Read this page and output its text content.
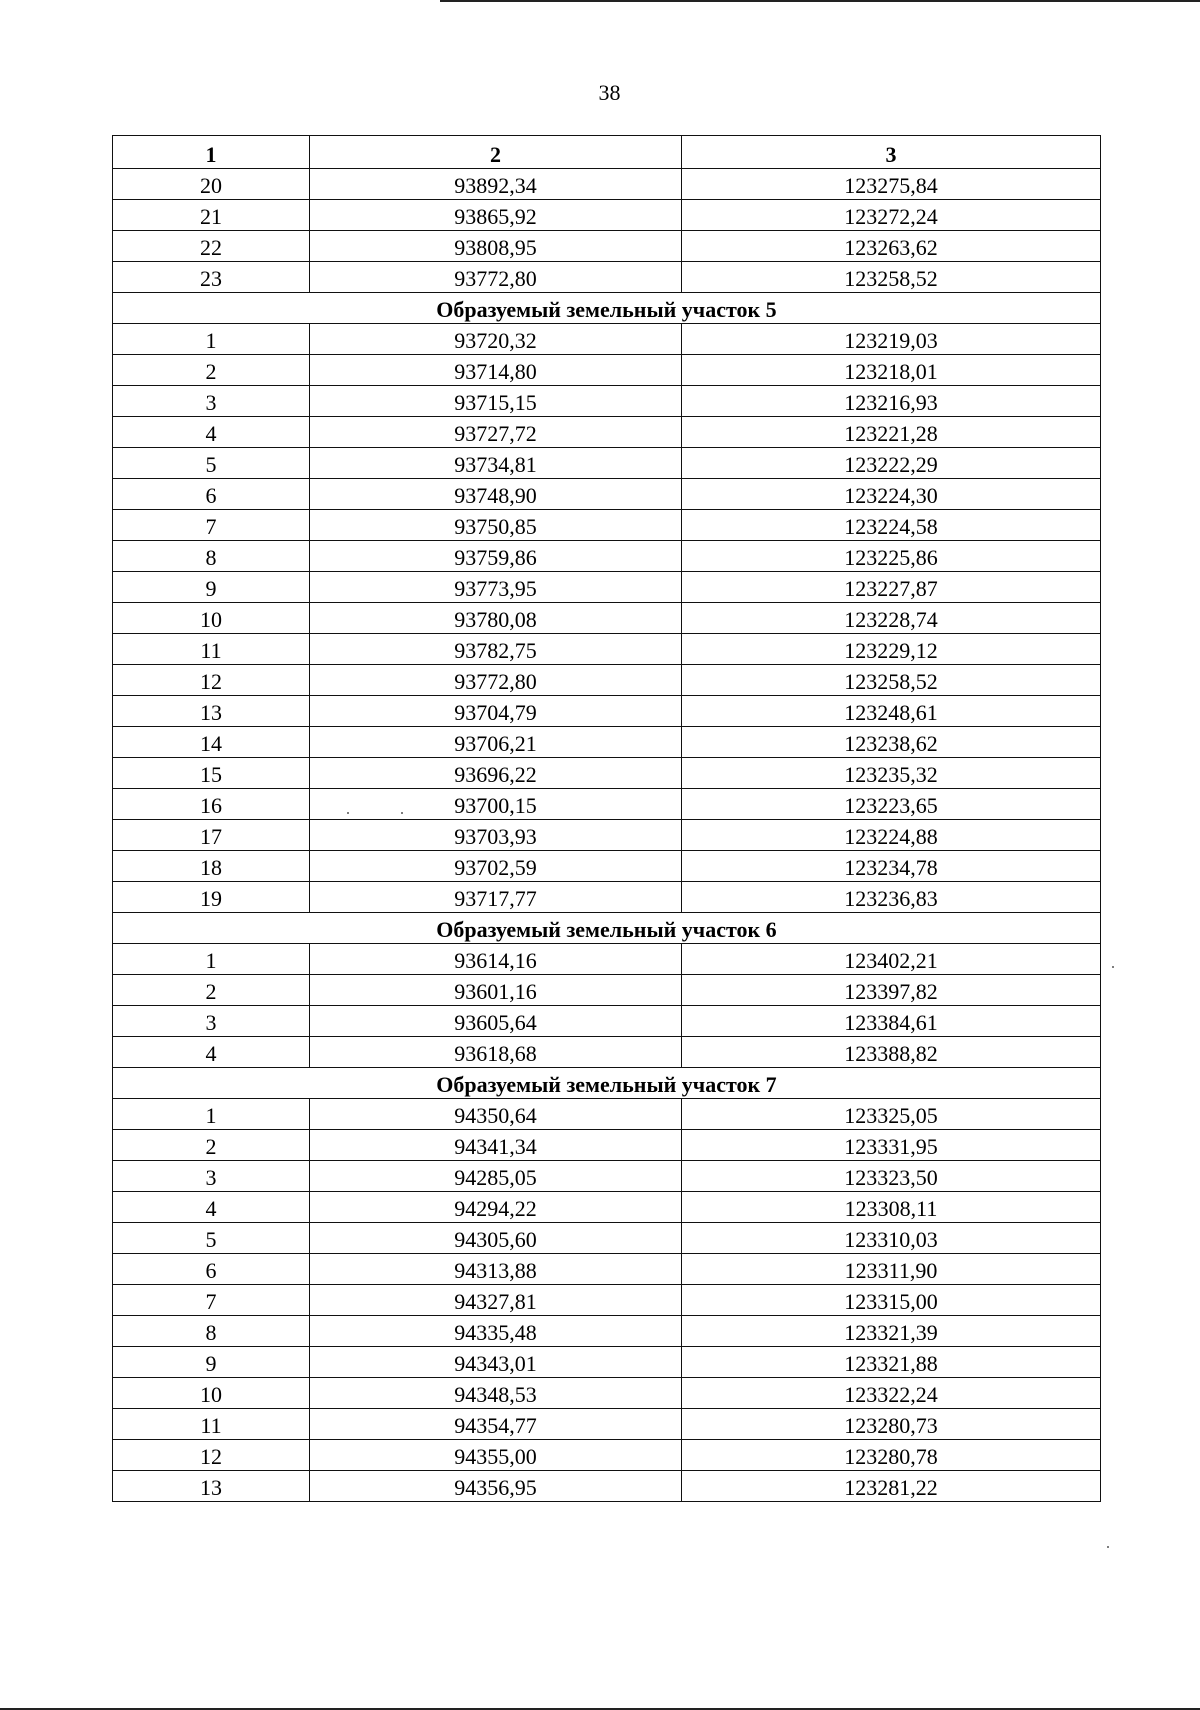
38
1	2	3
20	93892,34	123275,84
21	93865,92	123272,24
22	93808,95	123263,62
23	93772,80	123258,52
Образуемый земельный участок 5		
1	93720,32	123219,03
2	93714,80	123218,01
3	93715,15	123216,93
4	93727,72	123221,28
5	93734,81	123222,29
6	93748,90	123224,30
7	93750,85	123224,58
8	93759,86	123225,86
9	93773,95	123227,87
10	93780,08	123228,74
11	93782,75	123229,12
12	93772,80	123258,52
13	93704,79	123248,61
14	93706,21	123238,62
15	93696,22	123235,32
16	93700,15	123223,65
17	93703,93	123224,88
18	93702,59	123234,78
19	93717,77	123236,83
Образуемый земельный участок 6		
1	93614,16	123402,21
2	93601,16	123397,82
3	93605,64	123384,61
4	93618,68	123388,82
Образуемый земельный участок 7		
1	94350,64	123325,05
2	94341,34	123331,95
3	94285,05	123323,50
4	94294,22	123308,11
5	94305,60	123310,03
6	94313,88	123311,90
7	94327,81	123315,00
8	94335,48	123321,39
9	94343,01	123321,88
10	94348,53	123322,24
11	94354,77	123280,73
12	94355,00	123280,78
13	94356,95	123281,22
